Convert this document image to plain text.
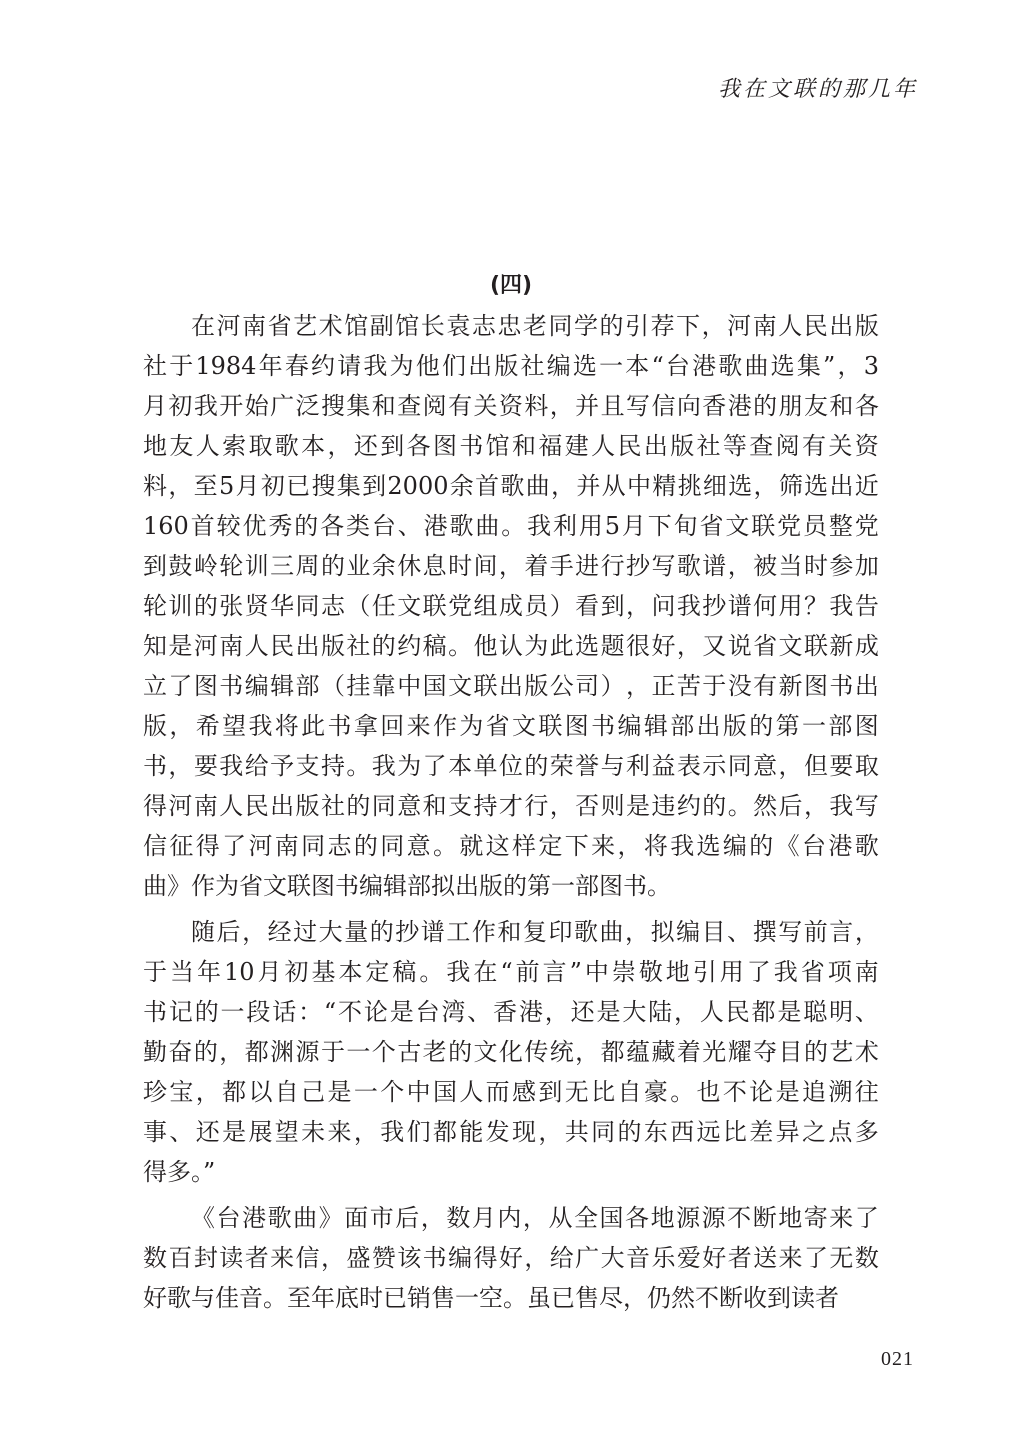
我在文联的那几年
(四)
在 河 南 省 艺 术 馆 副 馆 长 袁 志 忠 老 同 学 的 引 荐 下 ， 河 南 人 民 出 版
社 于 1984 年 春 约 请 我 为 他 们 出 版 社 编 选 一 本 “ 台 港 歌 曲 选 集 ” ， 3
月 初 我 开 始 广 泛 搜 集 和 查 阅 有 关 资 料 ， 并 且 写 信 向 香 港 的 朋 友 和 各
地 友 人 索 取 歌 本 ， 还 到 各 图 书 馆 和 福 建 人 民 出 版 社 等 查 阅 有 关 资
料 ， 至 5 月 初 已 搜 集 到 2000 余 首 歌 曲 ， 并 从 中 精 挑 细 选 ， 筛 选 出 近
160 首 较 优 秀 的 各 类 台 、 港 歌 曲 。 我 利 用 5 月 下 旬 省 文 联 党 员 整 党
到 鼓 岭 轮 训 三 周 的 业 余 休 息 时 间 ， 着 手 进 行 抄 写 歌 谱 ， 被 当 时 参 加
轮 训 的 张 贤 华 同 志 （ 任 文 联 党 组 成 员 ） 看 到 ， 问 我 抄 谱 何 用 ？ 我 告
知 是 河 南 人 民 出 版 社 的 约 稿 。 他 认 为 此 选 题 很 好 ， 又 说 省 文 联 新 成
立 了 图 书 编 辑 部 （ 挂 靠 中 国 文 联 出 版 公 司 ） ， 正 苦 于 没 有 新 图 书 出
版 ， 希 望 我 将 此 书 拿 回 来 作 为 省 文 联 图 书 编 辑 部 出 版 的 第 一 部 图
书 ， 要 我 给 予 支 持 。 我 为 了 本 单 位 的 荣 誉 与 利 益 表 示 同 意 ， 但 要 取
得 河 南 人 民 出 版 社 的 同 意 和 支 持 才 行 ， 否 则 是 违 约 的 。 然 后 ， 我 写
信 征 得 了 河 南 同 志 的 同 意 。 就 这 样 定 下 来 ， 将 我 选 编 的 《 台 港 歌
曲》作为省文联图书编辑部拟出版的第一部图书。
随 后 ， 经 过 大 量 的 抄 谱 工 作 和 复 印 歌 曲 ， 拟 编 目 、 撰 写 前 言 ，
于 当 年 10 月 初 基 本 定 稿 。 我 在 “ 前 言 ” 中 崇 敬 地 引 用 了 我 省 项 南
书 记 的 一 段 话 ： “ 不 论 是 台 湾 、 香 港 ， 还 是 大 陆 ， 人 民 都 是 聪 明 、
勤 奋 的 ， 都 渊 源 于 一 个 古 老 的 文 化 传 统 ， 都 蕴 藏 着 光 耀 夺 目 的 艺 术
珍 宝 ， 都 以 自 己 是 一 个 中 国 人 而 感 到 无 比 自 豪 。 也 不 论 是 追 溯 往
事 、 还 是 展 望 未 来 ， 我 们 都 能 发 现 ， 共 同 的 东 西 远 比 差 异 之 点 多
得多。”
《 台 港 歌 曲 》 面 市 后 ， 数 月 内 ， 从 全 国 各 地 源 源 不 断 地 寄 来 了
数 百 封 读 者 来 信 ， 盛 赞 该 书 编 得 好 ， 给 广 大 音 乐 爱 好 者 送 来 了 无 数
好歌与佳音。至年底时已销售一空。虽已售尽，仍然不断收到读者
021
